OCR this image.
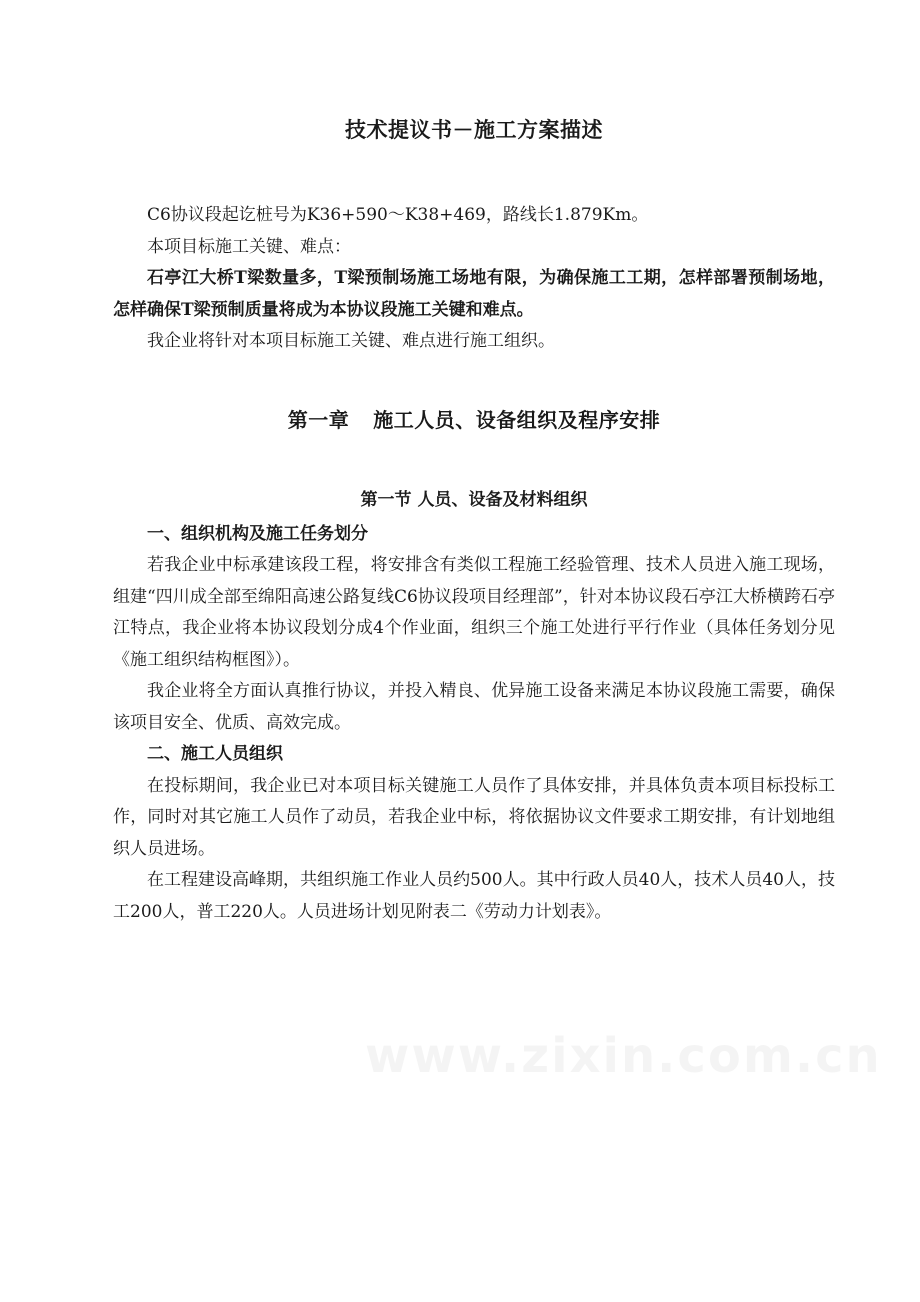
技术提议书－施工方案描述

C6协议段起讫桩号为K36+590～K38+469，路线长1.879Km。

本项目标施工关键、难点：

石亭江大桥T梁数量多，T梁预制场施工场地有限，为确保施工工期，怎样部署预制场地，怎样确保T梁预制质量将成为本协议段施工关键和难点。

我企业将针对本项目标施工关键、难点进行施工组织。

第一章 施工人员、设备组织及程序安排
第一节 人员、设备及材料组织
一、组织机构及施工任务划分

若我企业中标承建该段工程，将安排含有类似工程施工经验管理、技术人员进入施工现场，组建“四川成全部至绵阳高速公路复线C6协议段项目经理部”，针对本协议段石亭江大桥横跨石亭江特点，我企业将本协议段划分成4个作业面，组织三个施工处进行平行作业（具体任务划分见《施工组织结构框图》）。

我企业将全方面认真推行协议，并投入精良、优异施工设备来满足本协议段施工需要，确保该项目安全、优质、高效完成。

二、施工人员组织

在投标期间，我企业已对本项目标关键施工人员作了具体安排，并具体负责本项目标投标工作，同时对其它施工人员作了动员，若我企业中标，将依据协议文件要求工期安排，有计划地组织人员进场。

在工程建设高峰期，共组织施工作业人员约500人。其中行政人员40人，技术人员40人，技工200人，普工220人。人员进场计划见附表二《劳动力计划表》。
